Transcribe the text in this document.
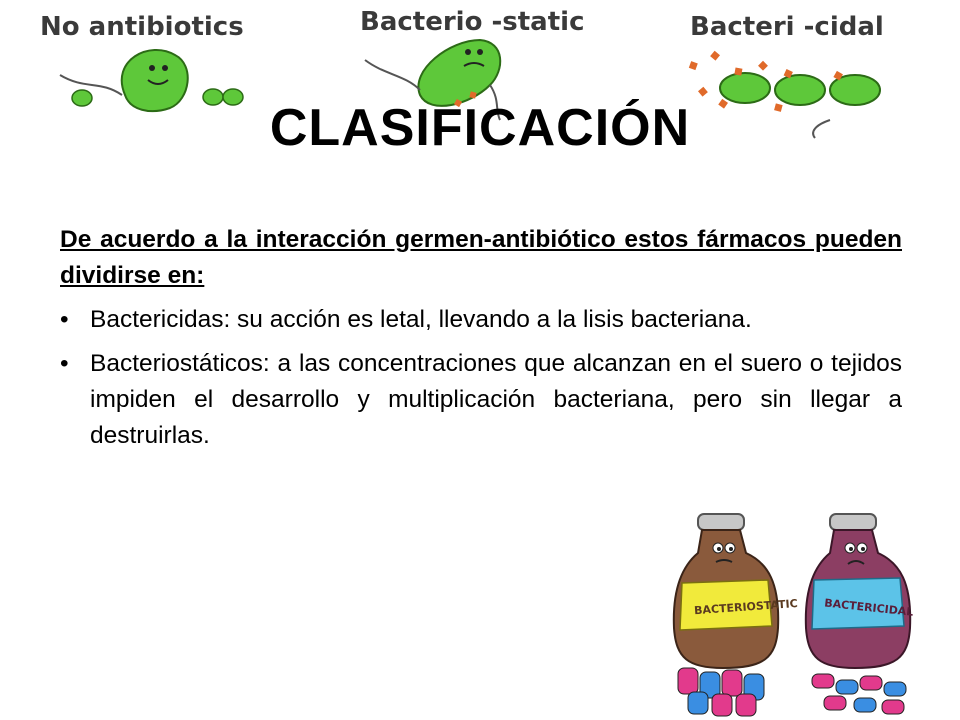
No antibiotics	Bacterio -static	Bacteri -cidal
CLASIFICACIÓN

De acuerdo a la interacción germen-antibiótico estos fármacos pueden dividirse en:

• Bactericidas: su acción es letal, llevando a la lisis bacteriana.
• Bacteriostáticos: a las concentraciones que alcanzan en el suero o tejidos impiden el desarrollo y multiplicación bacteriana, pero sin llegar a destruirlas.
BACTERIOSTATIC BACTERICIDAL
